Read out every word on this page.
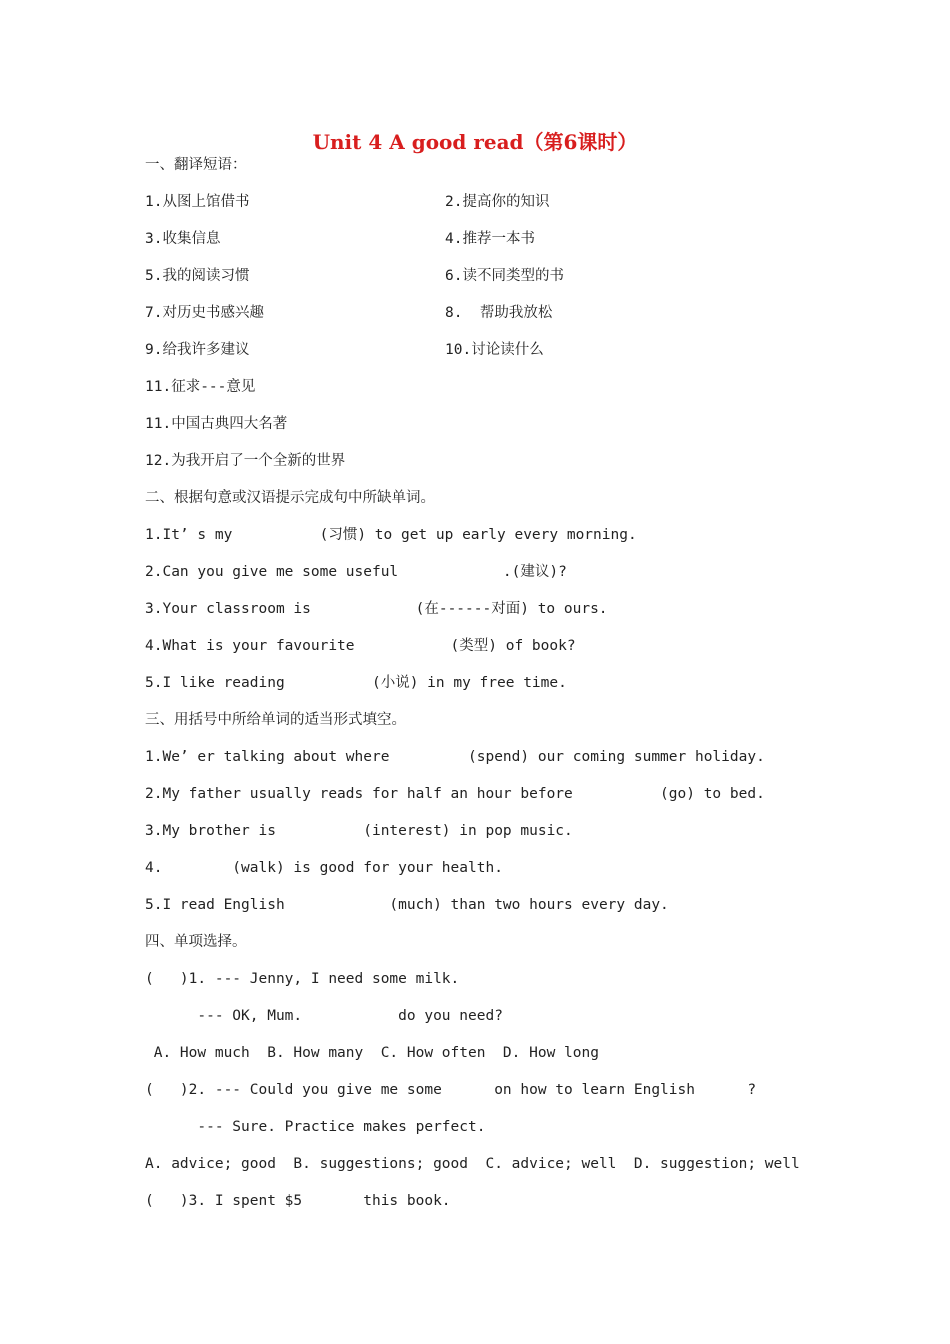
Unit 4 A good read（第6课时）
一、翻译短语：
1.从图上馆借书	2.提高你的知识
3.收集信息	4.推荐一本书
5.我的阅读习惯	6.读不同类型的书
7.对历史书感兴趣	8.  帮助我放松
9.给我许多建议	10.讨论读什么
11.征求---意见
11.中国古典四大名著
12.为我开启了一个全新的世界
二、根据句意或汉语提示完成句中所缺单词。
1.It’ s my          (习惯) to get up early every morning.
2.Can you give me some useful            .(建议)?
3.Your classroom is            (在------对面) to ours.
4.What is your favourite           (类型) of book?
5.I like reading          (小说) in my free time.
三、用括号中所给单词的适当形式填空。
1.We’ er talking about where         (spend) our coming summer holiday.
2.My father usually reads for half an hour before          (go) to bed.
3.My brother is          (interest) in pop music.
4.        (walk) is good for your health.
5.I read English            (much) than two hours every day.
四、单项选择。
(   )1. --- Jenny, I need some milk.
--- OK, Mum.           do you need?
A. How much  B. How many  C. How often  D. How long
(   )2. --- Could you give me some      on how to learn English      ?
--- Sure. Practice makes perfect.
A. advice; good  B. suggestions; good  C. advice; well  D. suggestion; well
(   )3. I spent $5       this book.
